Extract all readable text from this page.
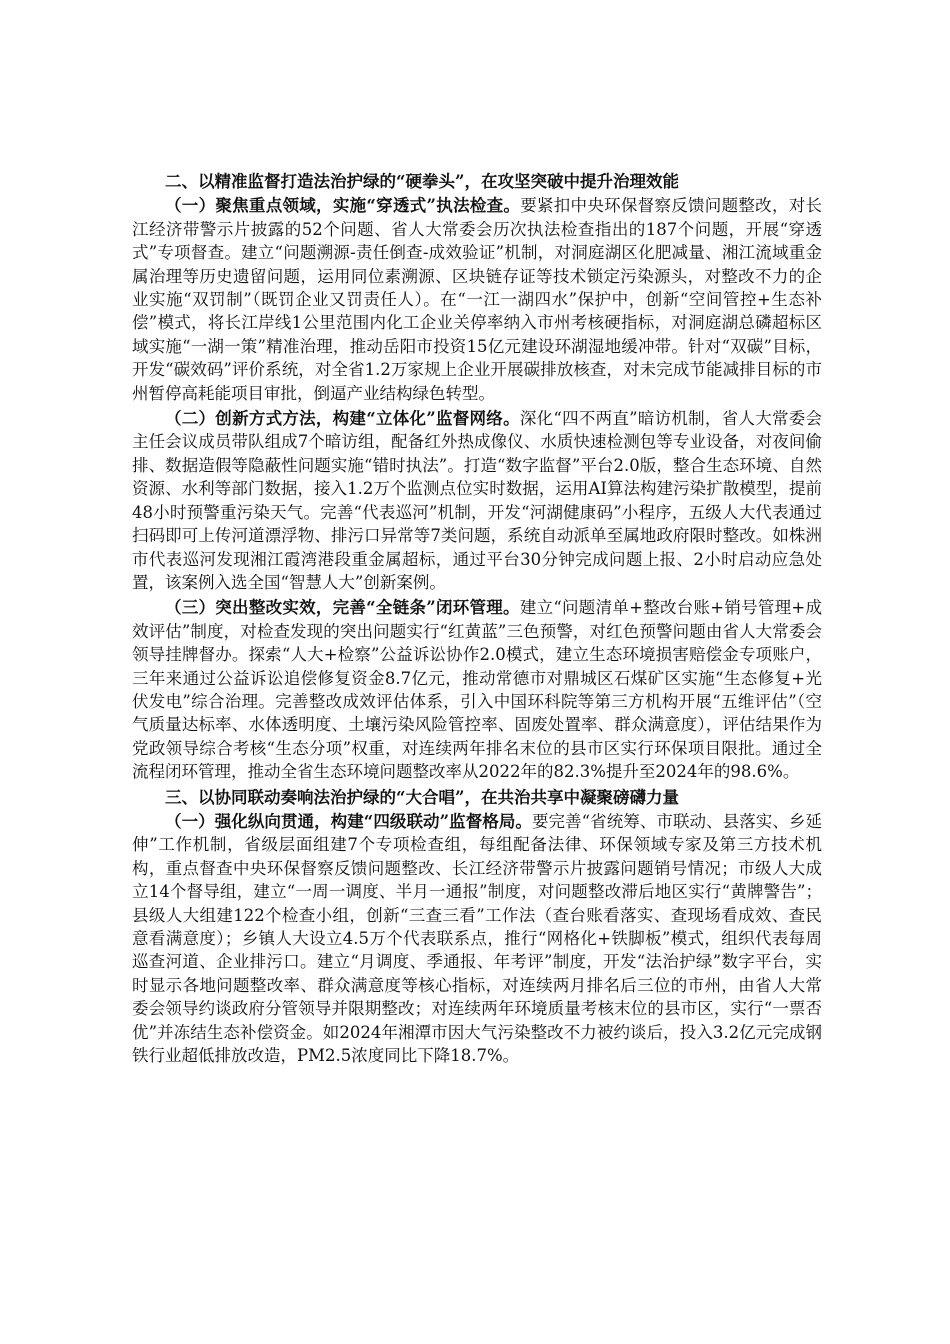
二、以精准监督打造法治护绿的“硬拳头”，在攻坚突破中提升治理效能

（一）聚焦重点领域，实施“穿透式”执法检查。要紧扣中央环保督察反馈问题整改，对长江经济带警示片披露的52个问题、省人大常委会历次执法检查指出的187个问题，开展“穿透式”专项督查。建立“问题溯源-责任倒查-成效验证”机制，对洞庭湖区化肥减量、湘江流域重金属治理等历史遗留问题，运用同位素溯源、区块链存证等技术锁定污染源头，对整改不力的企业实施“双罚制”（既罚企业又罚责任人）。在“一江一湖四水”保护中，创新“空间管控+生态补偿”模式，将长江岸线1公里范围内化工企业关停率纳入市州考核硬指标，对洞庭湖总磷超标区域实施“一湖一策”精准治理，推动岳阳市投资15亿元建设环湖湿地缓冲带。针对“双碳”目标，开发“碳效码”评价系统，对全省1.2万家规上企业开展碳排放核查，对未完成节能减排目标的市州暂停高耗能项目审批，倒逼产业结构绿色转型。

（二）创新方式方法，构建“立体化”监督网络。深化“四不两直”暗访机制，省人大常委会主任会议成员带队组成7个暗访组，配备红外热成像仪、水质快速检测包等专业设备，对夜间偷排、数据造假等隐蔽性问题实施“错时执法”。打造“数字监督”平台2.0版，整合生态环境、自然资源、水利等部门数据，接入1.2万个监测点位实时数据，运用AI算法构建污染扩散模型，提前48小时预警重污染天气。完善“代表巡河”机制，开发“河湖健康码”小程序，五级人大代表通过扫码即可上传河道漂浮物、排污口异常等7类问题，系统自动派单至属地政府限时整改。如株洲市代表巡河发现湘江霞湾港段重金属超标，通过平台30分钟完成问题上报、2小时启动应急处置，该案例入选全国“智慧人大”创新案例。

（三）突出整改实效，完善“全链条”闭环管理。建立“问题清单+整改台账+销号管理+成效评估”制度，对检查发现的突出问题实行“红黄蓝”三色预警，对红色预警问题由省人大常委会领导挂牌督办。探索“人大+检察”公益诉讼协作2.0模式，建立生态环境损害赔偿金专项账户，三年来通过公益诉讼追偿修复资金8.7亿元，推动常德市对鼎城区石煤矿区实施“生态修复+光伏发电”综合治理。完善整改成效评估体系，引入中国环科院等第三方机构开展“五维评估”（空气质量达标率、水体透明度、土壤污染风险管控率、固废处置率、群众满意度），评估结果作为党政领导综合考核“生态分项”权重，对连续两年排名末位的县市区实行环保项目限批。通过全流程闭环管理，推动全省生态环境问题整改率从2022年的82.3%提升至2024年的98.6%。

三、以协同联动奏响法治护绿的“大合唱”，在共治共享中凝聚磅礴力量

（一）强化纵向贯通，构建“四级联动”监督格局。要完善“省统筹、市联动、县落实、乡延伸”工作机制，省级层面组建7个专项检查组，每组配备法律、环保领域专家及第三方技术机构，重点督查中央环保督察反馈问题整改、长江经济带警示片披露问题销号情况；市级人大成立14个督导组，建立“一周一调度、半月一通报”制度，对问题整改滞后地区实行“黄牌警告”；县级人大组建122个检查小组，创新“三查三看”工作法（查台账看落实、查现场看成效、查民意看满意度）；乡镇人大设立4.5万个代表联系点，推行“网格化+铁脚板”模式，组织代表每周巡查河道、企业排污口。建立“月调度、季通报、年考评”制度，开发“法治护绿”数字平台，实时显示各地问题整改率、群众满意度等核心指标，对连续两月排名后三位的市州，由省人大常委会领导约谈政府分管领导并限期整改；对连续两年环境质量考核末位的县市区，实行“一票否优”并冻结生态补偿资金。如2024年湘潭市因大气污染整改不力被约谈后，投入3.2亿元完成钢铁行业超低排放改造，PM2.5浓度同比下降18.7%。
